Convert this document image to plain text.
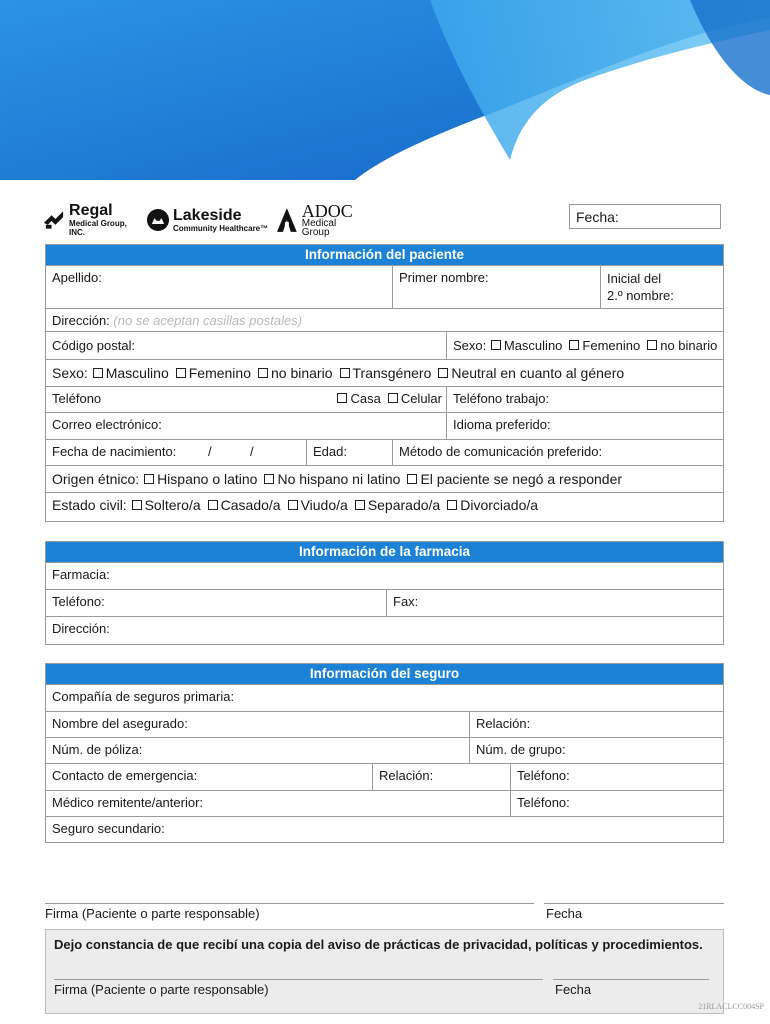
Regal
Medical Group, INC.
Lakeside
Community Healthcare™
ADOC
Medical Group
Fecha:
Información del paciente
Apellido:	Primer nombre:	Inicial del
2.º nombre:
Dirección: (no se aceptan casillas postales)
Código postal:	Sexo: Masculino Femenino no binario
Sexo: Masculino Femenino no binario Transgénero Neutral en cuanto al género
Teléfono	Casa Celular Teléfono trabajo:
Correo electrónico:	Idioma preferido:
Fecha de nacimiento: /	/	Edad:	Método de comunicación preferido:
Origen étnico: Hispano o latino No hispano ni latino El paciente se negó a responder
Estado civil: Soltero/a Casado/a Viudo/a Separado/a Divorciado/a
Información de la farmacia
Farmacia:
Teléfono:	Fax:
Dirección:
Información del seguro
Compañía de seguros primaria:
Nombre del asegurado:	Relación:
Núm. de póliza:	Núm. de grupo:
Contacto de emergencia:	Relación:	Teléfono:
Médico remitente/anterior:	Teléfono:
Seguro secundario:
Firma (Paciente o parte responsable)	Fecha
Dejo constancia de que recibí una copia del aviso de prácticas de privacidad, políticas y procedimientos.
Firma (Paciente o parte responsable)	Fecha
21RLACLCC004SP
